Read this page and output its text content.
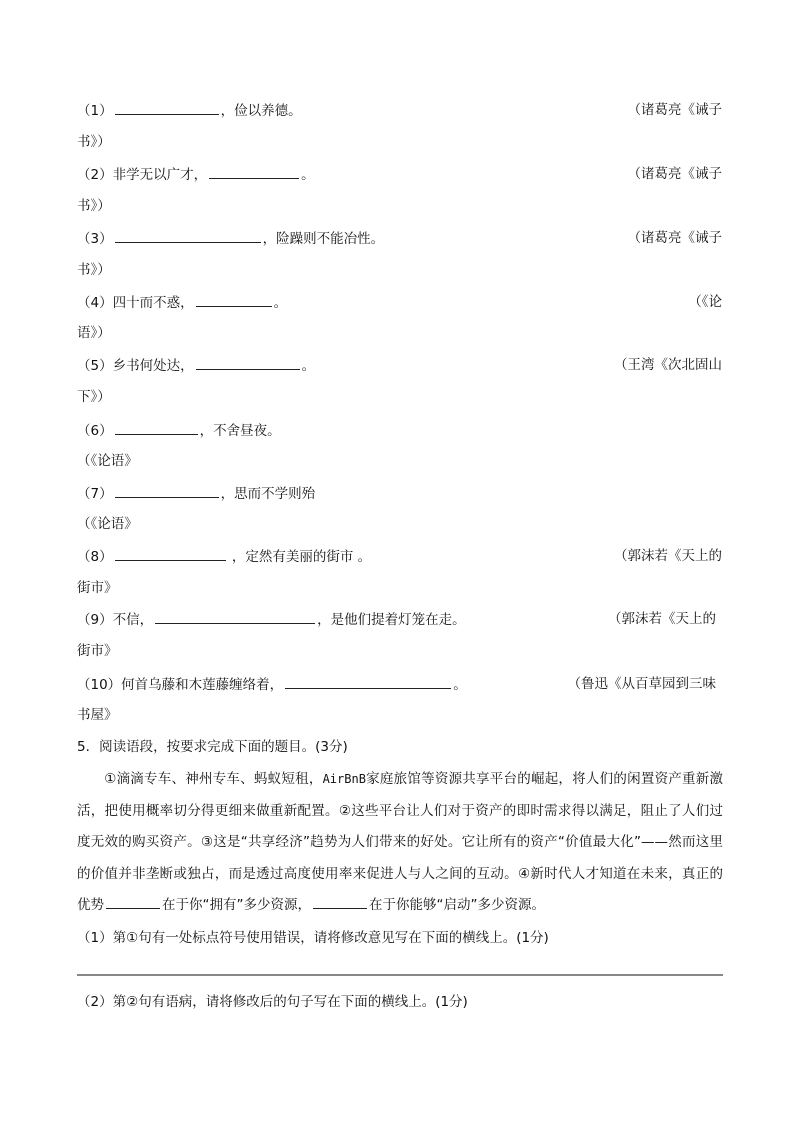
（1）	，俭以养德。	（诸葛亮《诫子
书》）
（2）非学无以广才，	。	（诸葛亮《诫子
书》）
（3）	，险躁则不能冶性。	（诸葛亮《诫子
书》）
（4）四十而不惑，	。	（《论
语》）
（5）乡书何处达，	。	（王湾《次北固山
下》）
（6）	，不舍昼夜。
（《论语》
（7）	，思而不学则殆
（《论语》
（8）	，定然有美丽的街市 。	（郭沫若《天上的
街市》
（9）不信，	，是他们提着灯笼在走。	（郭沫若《天上的
街市》
（10）何首乌藤和木莲藤缠络着，	。	（鲁迅《从百草园到三味
书屋》
5．阅读语段，按要求完成下面的题目。(3分)
①滴滴专车、神州专车、蚂蚁短租，AirBnB家庭旅馆等资源共享平台的崛起，将人们的闲置资产重新激活，把使用概率切分得更细来做重新配置。②这些平台让人们对于资产的即时需求得以满足，阻止了人们过度无效的购买资产。③这是“共享经济”趋势为人们带来的好处。它让所有的资产“价值最大化”——然而这里的价值并非垄断或独占，而是透过高度使用率来促进人与人之间的互动。④新时代人才知道在未来，真正的优势	在于你“拥有”多少资源，	在于你能够“启动”多少资源。
（1）第①句有一处标点符号使用错误，请将修改意见写在下面的横线上。(1分)
（2）第②句有语病，请将修改后的句子写在下面的横线上。(1分)
